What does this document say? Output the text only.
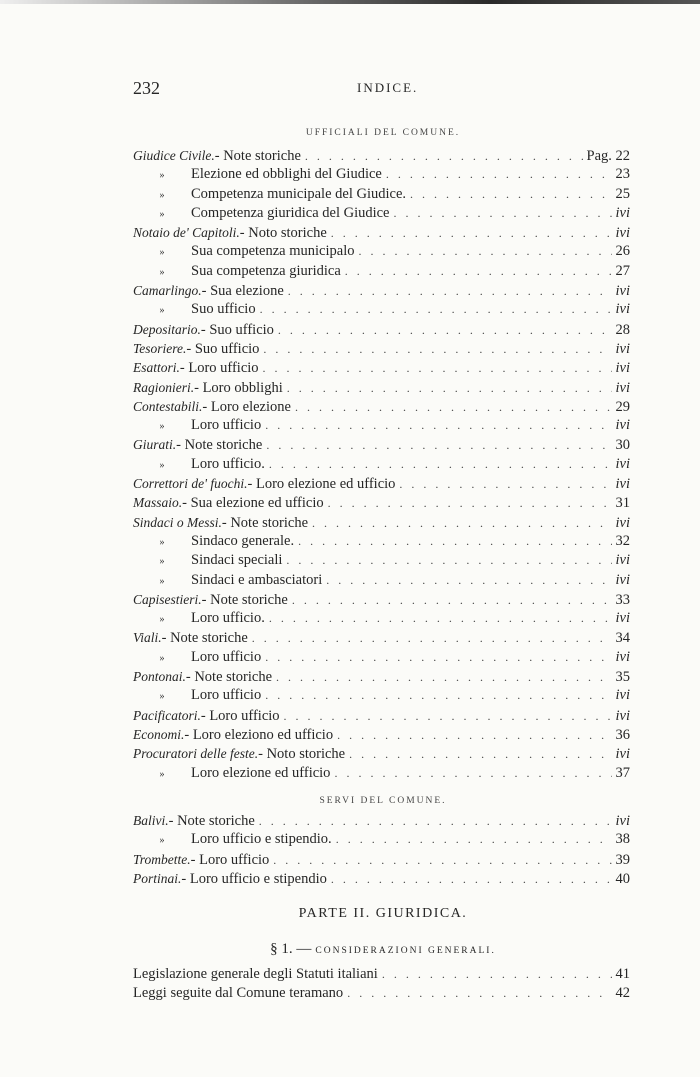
232	INDICE.
UFFICIALI DEL COMUNE.
Giudice Civile.- Note storiche . . .	Pag. 22
»	Elezione ed obblighi del Giudice . . .	23
»	Competenza municipale del Giudice. . . .	25
»	Competenza giuridica del Giudice . . .	ivi
Notaio de' Capitoli.- Noto storiche . . .	ivi
»	Sua competenza municipalo . . .	26
»	Sua competenza giuridica . . .	27
Camarlingo.- Sua elezione . . .	ivi
»	Suo ufficio . . .	ivi
Depositario.- Suo ufficio . . .	28
Tesoriere.- Suo ufficio . . .	ivi
Esattori.- Loro ufficio . . .	ivi
Ragionieri.- Loro obblighi . . .	ivi
Contestabili.- Loro elezione . . .	29
»	Loro ufficio . . .	ivi
Giurati.- Note storiche . . .	30
»	Loro ufficio. . . .	ivi
Correttori de' fuochi.- Loro elezione ed ufficio . . .	ivi
Massaio.- Sua elezione ed ufficio . . .	31
Sindaci o Messi.- Note storiche . . .	ivi
»	Sindaco generale. . . .	32
»	Sindaci speciali . . .	ivi
»	Sindaci e ambasciatori . . .	ivi
Capisestieri.- Note storiche . . .	33
»	Loro ufficio. . . .	ivi
Viali.- Note storiche . . .	34
»	Loro ufficio . . .	ivi
Pontonai.- Note storiche . . .	35
»	Loro ufficio . . .	ivi
Pacificatori.- Loro ufficio . . .	ivi
Economi.- Loro eleziono ed ufficio . . .	36
Procuratori delle feste.- Noto storiche . . .	ivi
»	Loro elezione ed ufficio . . .	37
SERVI DEL COMUNE.
Balivi.- Note storiche . . .	ivi
»	Loro ufficio e stipendio. . . .	38
Trombette.- Loro ufficio . . .	39
Portinai.- Loro ufficio e stipendio . . .	40
PARTE II. GIURIDICA.
§ 1. — CONSIDERAZIONI GENERALI.
Legislazione generale degli Statuti italiani . . .	41
Leggi seguite dal Comune teramano . . .	42
